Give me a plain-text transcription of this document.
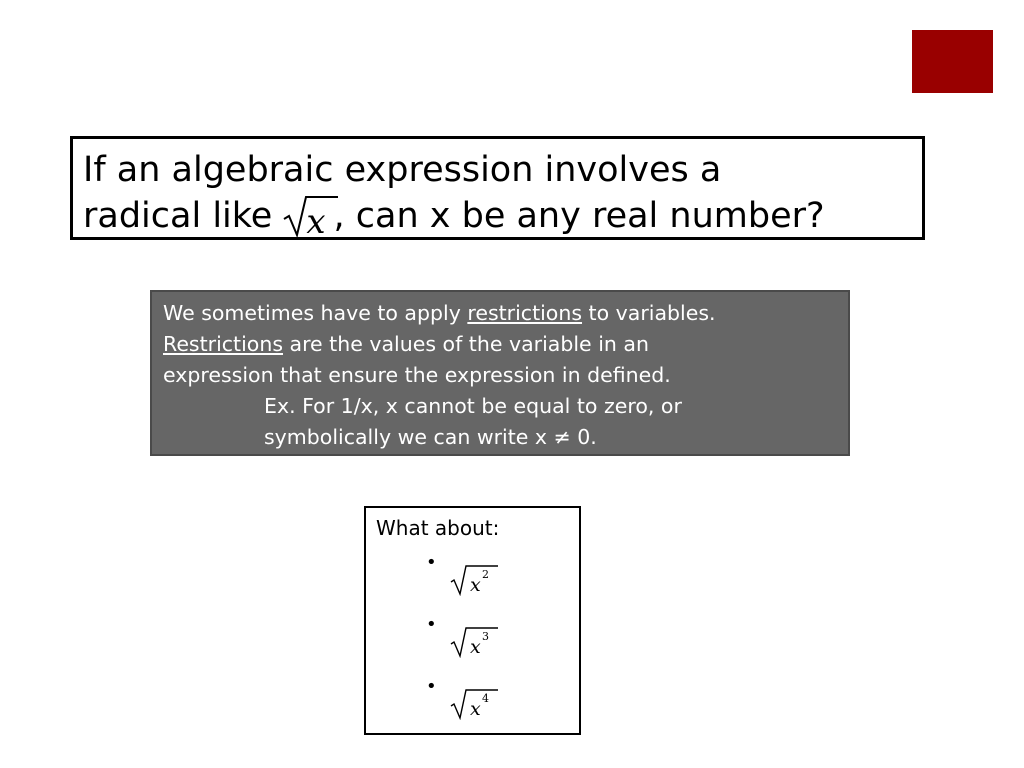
If an algebraic expression involves a
radical like x , can x be any real number?
We sometimes have to apply restrictions to variables.
Restrictions are the values of the variable in an
expression that ensure the expression in defined.
Ex. For 1/x, x cannot be equal to zero, or
symbolically we can write x ≠ 0.
What about:
•
x 2
•
x 3
•
x 4
